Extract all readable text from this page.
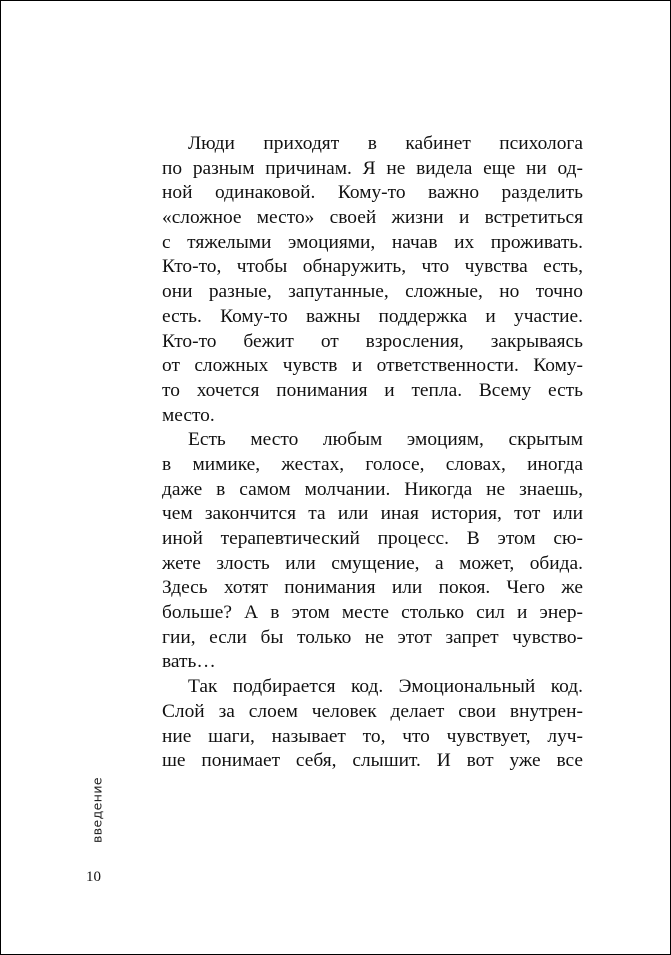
Люди приходят в кабинет психолога
по разным причинам. Я не видела еще ни од-
ной одинаковой. Кому-то важно разделить
«сложное место» своей жизни и встретиться
с тяжелыми эмоциями, начав их проживать.
Кто-то, чтобы обнаружить, что чувства есть,
они разные, запутанные, сложные, но точно
есть. Кому-то важны поддержка и участие.
Кто-то бежит от взросления, закрываясь
от сложных чувств и ответственности. Кому-
то хочется понимания и тепла. Всему есть
место.
Есть место любым эмоциям, скрытым
в мимике, жестах, голосе, словах, иногда
даже в самом молчании. Никогда не знаешь,
чем закончится та или иная история, тот или
иной терапевтический процесс. В этом сю-
жете злость или смущение, а может, обида.
Здесь хотят понимания или покоя. Чего же
больше? А в этом месте столько сил и энер-
гии, если бы только не этот запрет чувство-
вать…
Так подбирается код. Эмоциональный код.
Слой за слоем человек делает свои внутрен-
ние шаги, называет то, что чувствует, луч-
ше понимает себя, слышит. И вот уже все
введение
10
